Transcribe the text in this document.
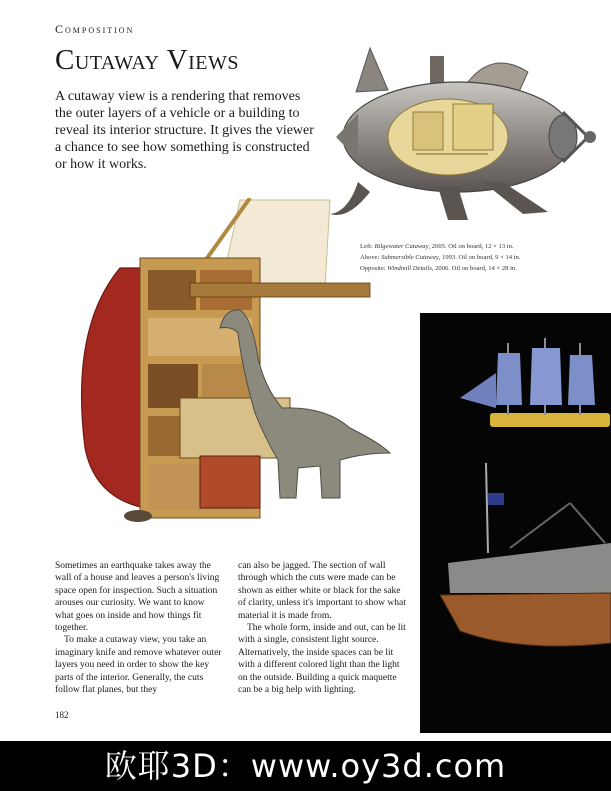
Composition
Cutaway Views

A cutaway view is a rendering that removes the outer layers of a vehicle or a building to reveal its interior structure. It gives the viewer a chance to see how something is constructed or how it works.

Left: Bilgewater Cutaway, 2005. Oil on board, 12 × 13 in.
Above: Submersible Cutaway, 1993. Oil on board, 9 × 14 in.
Opposite: Windmill Details, 2006. Oil on board, 14 × 28 in.

Sometimes an earthquake takes away the wall of a house and leaves a person's living space open for inspection. Such a situation arouses our curiosity. We want to know what goes on inside and how things fit together.

To make a cutaway view, you take an imaginary knife and remove whatever outer layers you need in order to show the key parts of the interior. Generally, the cuts follow flat planes, but they

can also be jagged. The section of wall through which the cuts were made can be shown as either white or black for the sake of clarity, unless it's important to show what material it is made from.

The whole form, inside and out, can be lit with a single, consistent light source. Alternatively, the inside spaces can be lit with a different colored light than the light on the outside. Building a quick maquette can be a big help with lighting.

182
欧耶3D：www.oy3d.com
